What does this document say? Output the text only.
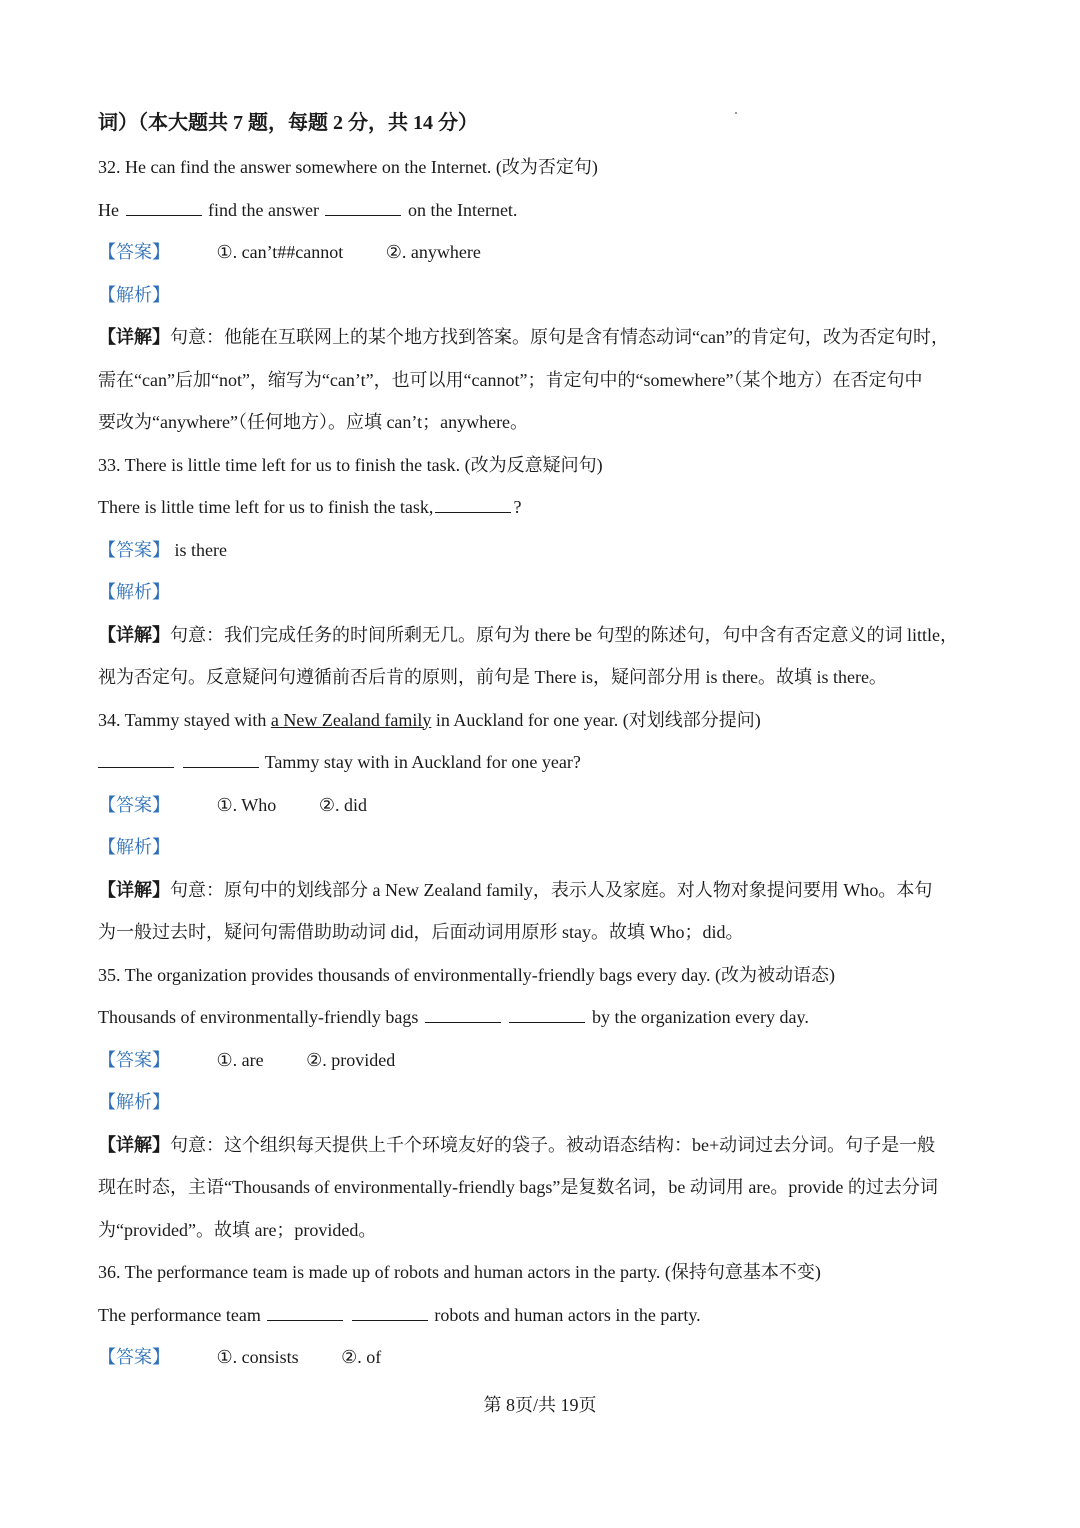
词）（本大题共 7 题，每题 2 分，共 14 分）
32. He can find the answer somewhere on the Internet. (改为否定句)
He	find the answer	on the Internet.
【答案】	①. can’t##cannot ②. anywhere
【解析】
【详解】句意：他能在互联网上的某个地方找到答案。原句是含有情态动词“can”的肯定句，改为否定句时，
需在“can”后加“not”，缩写为“can’t”，也可以用“cannot”；肯定句中的“somewhere”（某个地方）在否定句中
要改为“anywhere”（任何地方）。应填 can’t；anywhere。
33. There is little time left for us to finish the task. (改为反意疑问句)
There is little time left for us to finish the task,	?
【答案】 is there
【解析】
【详解】句意：我们完成任务的时间所剩无几。原句为 there be 句型的陈述句，句中含有否定意义的词 little，
视为否定句。反意疑问句遵循前否后肯的原则，前句是 There is，疑问部分用 is there。故填 is there。
34. Tammy stayed with a New Zealand family in Auckland for one year. (对划线部分提问)
Tammy stay with in Auckland for one year?
【答案】	①. Who ②. did
【解析】
【详解】句意：原句中的划线部分 a New Zealand family，表示人及家庭。对人物对象提问要用 Who。本句
为一般过去时，疑问句需借助助动词 did，后面动词用原形 stay。故填 Who；did。
35. The organization provides thousands of environmentally-friendly bags every day. (改为被动语态)
Thousands of environmentally-friendly bags	by the organization every day.
【答案】	①. are ②. provided
【解析】
【详解】句意：这个组织每天提供上千个环境友好的袋子。被动语态结构：be+动词过去分词。句子是一般
现在时态，主语“Thousands of environmentally-friendly bags”是复数名词，be 动词用 are。provide 的过去分词
为“provided”。故填 are；provided。
36. The performance team is made up of robots and human actors in the party. (保持句意基本不变)
The performance team	robots and human actors in the party.
【答案】	①. consists ②. of
第 8页/共 19页
